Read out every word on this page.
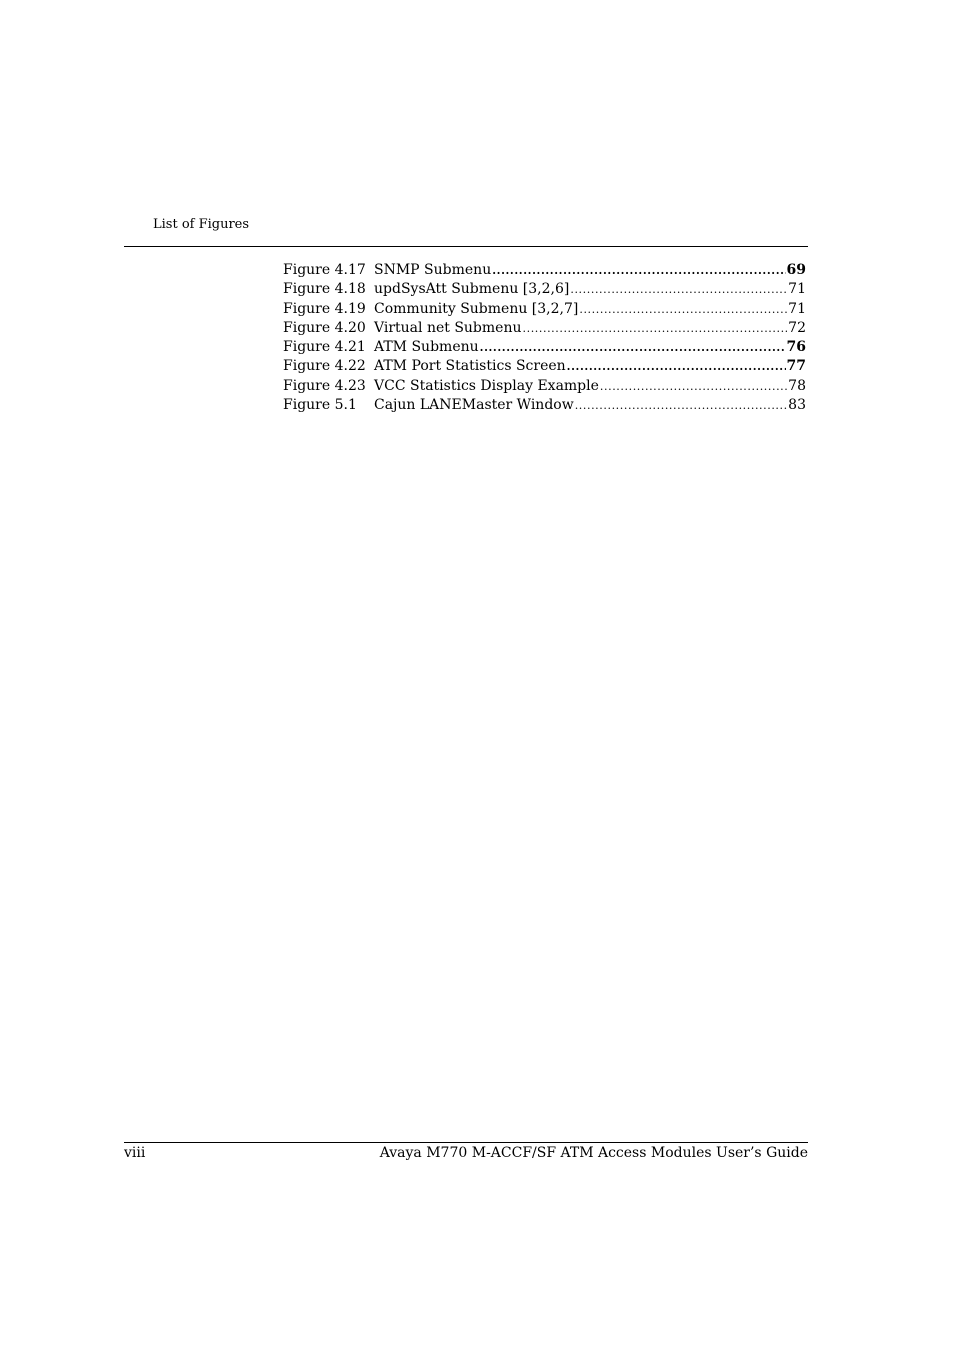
List of Figures
Figure 4.17 SNMP Submenu .....	69
Figure 4.18 updSysAtt Submenu [3,2,6] .....	71
Figure 4.19 Community Submenu [3,2,7] .....	71
Figure 4.20 Virtual net Submenu .....	72
Figure 4.21 ATM Submenu .....	76
Figure 4.22 ATM Port Statistics Screen .....	77
Figure 4.23 VCC Statistics Display Example .....	78
Figure 5.1	Cajun LANEMaster Window .....	83
viii	Avaya M770 M-ACCF/SF ATM Access Modules User’s Guide
